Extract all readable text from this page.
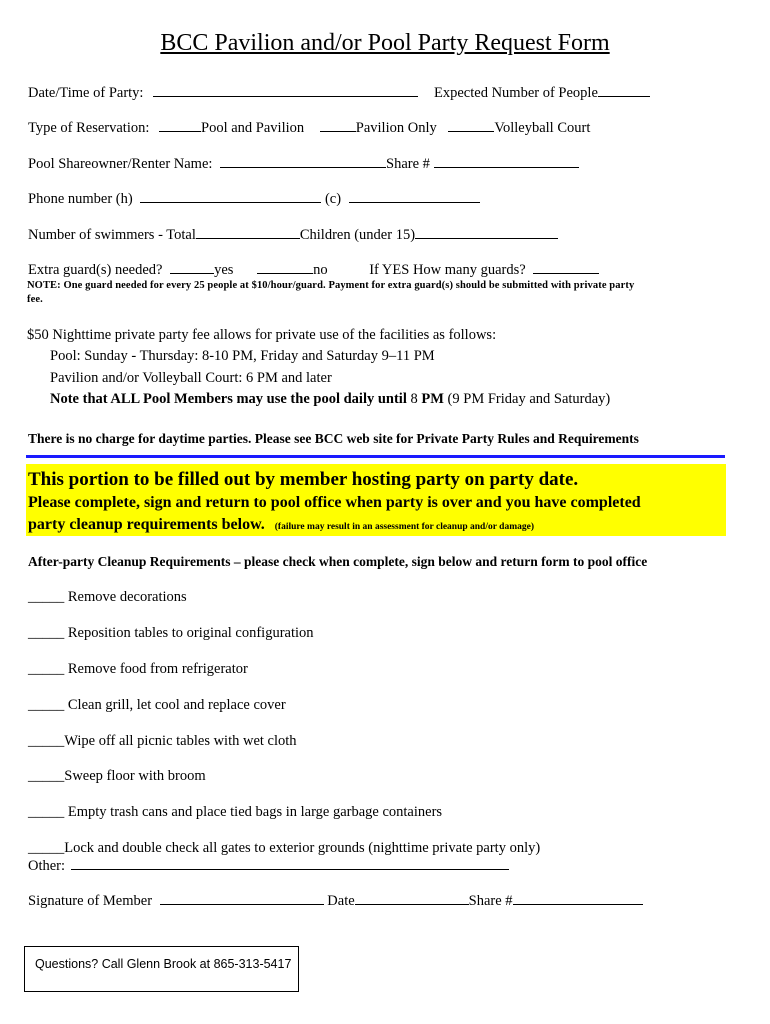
BCC Pavilion and/or Pool Party Request Form
Date/Time of Party:	Expected Number of People
Type of Reservation:	Pool and Pavilion	Pavilion Only	Volleyball Court
Pool Shareowner/Renter Name:	Share #
Phone number (h)	(c)
Number of swimmers - Total	Children (under 15)
Extra guard(s) needed?	yes	no	If YES How many guards?
NOTE: One guard needed for every 25 people at $10/hour/guard. Payment for extra guard(s) should be submitted with private party fee.
$50 Nighttime private party fee allows for private use of the facilities as follows:
Pool: Sunday - Thursday: 8-10 PM, Friday and Saturday 9–11 PM
Pavilion and/or Volleyball Court: 6 PM and later
Note that ALL Pool Members may use the pool daily until 8 PM (9 PM Friday and Saturday)
There is no charge for daytime parties. Please see BCC web site for Private Party Rules and Requirements
This portion to be filled out by member hosting party on party date.
Please complete, sign and return to pool office when party is over and you have completed
party cleanup requirements below. (failure may result in an assessment for cleanup and/or damage)
After-party Cleanup Requirements – please check when complete, sign below and return form to pool office
_____ Remove decorations
_____ Reposition tables to original configuration
_____ Remove food from refrigerator
_____ Clean grill, let cool and replace cover
_____Wipe off all picnic tables with wet cloth
_____Sweep floor with broom
_____ Empty trash cans and place tied bags in large garbage containers
_____Lock and double check all gates to exterior grounds (nighttime private party only)
Other:
Signature of Member	Date	Share #
Questions? Call Glenn Brook at 865-313-5417
